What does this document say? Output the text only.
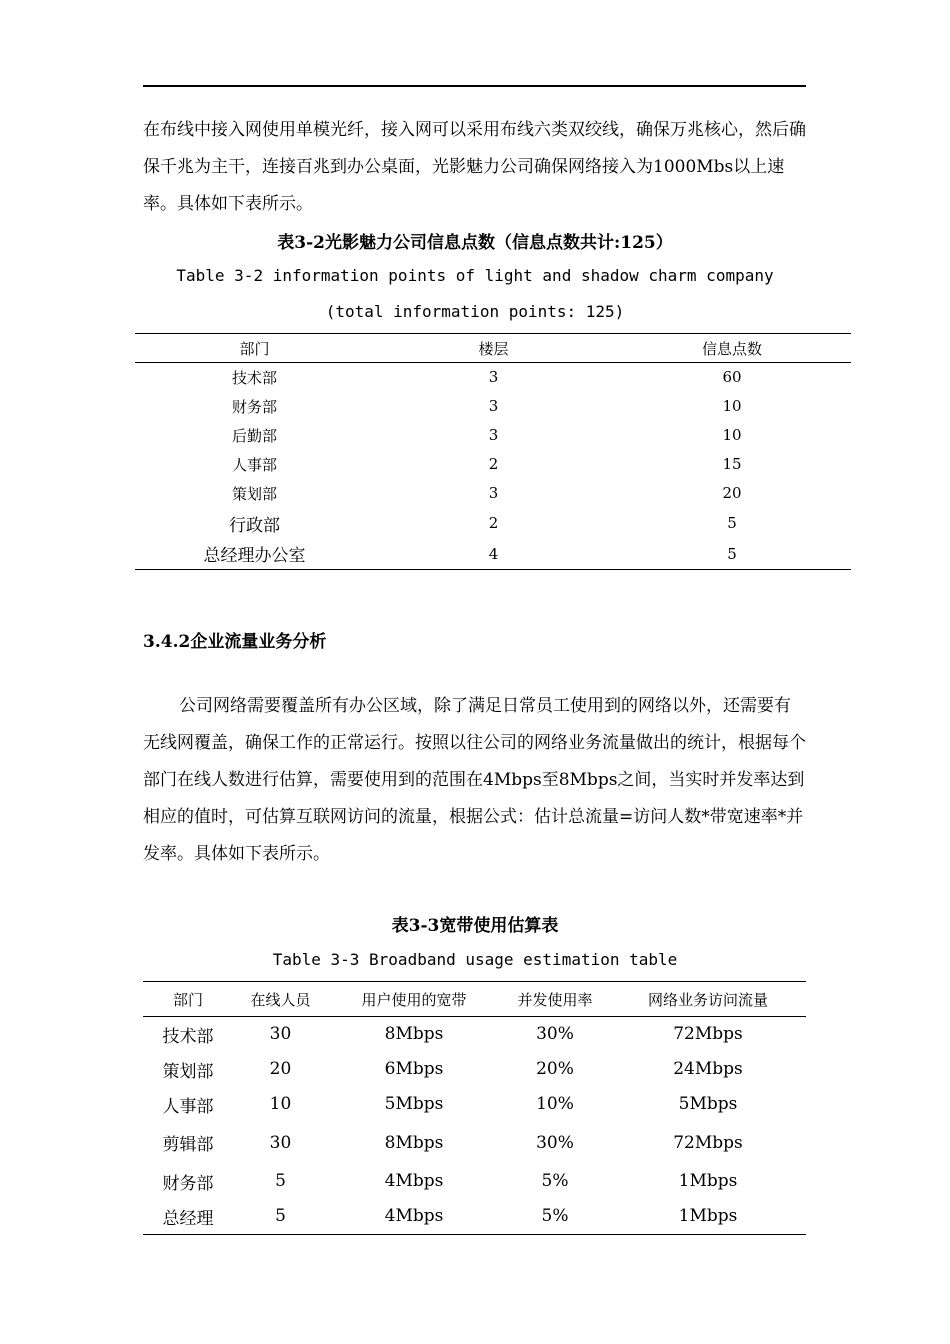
在布线中接入网使用单模光纤，接入网可以采用布线六类双绞线，确保万兆核心，然后确保千兆为主干，连接百兆到办公桌面，光影魅力公司确保网络接入为1000Mbs以上速率。具体如下表所示。

表3-2光影魅力公司信息点数（信息点数共计:125）

Table 3-2 information points of light and shadow charm company

(total information points: 125)

部门	楼层	信息点数
技术部	3	60
财务部	3	10
后勤部	3	10
人事部	2	15
策划部	3	20
行政部	2	5
总经理办公室	4	5

3.4.2企业流量业务分析

公司网络需要覆盖所有办公区域，除了满足日常员工使用到的网络以外，还需要有无线网覆盖，确保工作的正常运行。按照以往公司的网络业务流量做出的统计，根据每个部门在线人数进行估算，需要使用到的范围在4Mbps至8Mbps之间，当实时并发率达到相应的值时，可估算互联网访问的流量，根据公式：估计总流量=访问人数*带宽速率*并发率。具体如下表所示。

表3-3宽带使用估算表

Table 3-3 Broadband usage estimation table

部门	在线人员	用户使用的宽带	并发使用率	网络业务访问流量
技术部	30	8Mbps	30%	72Mbps
策划部	20	6Mbps	20%	24Mbps
人事部	10	5Mbps	10%	5Mbps
剪辑部	30	8Mbps	30%	72Mbps
财务部	5	4Mbps	5%	1Mbps
总经理	5	4Mbps	5%	1Mbps
